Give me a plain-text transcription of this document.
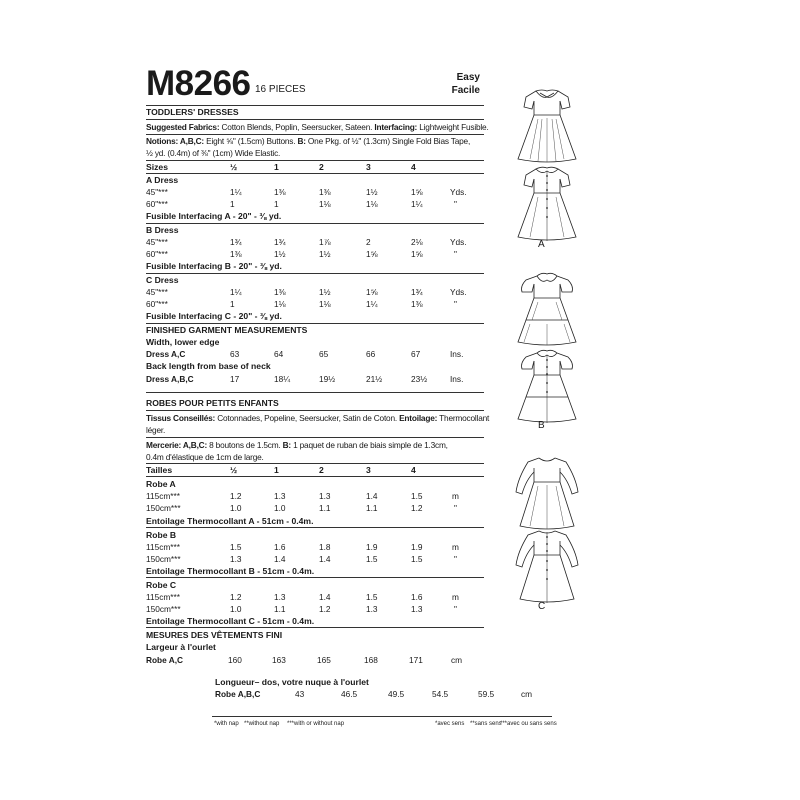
M8266 16 PIECES
Easy
Facile
TODDLERS' DRESSES
Suggested Fabrics: Cotton Blends, Poplin, Seersucker, Sateen. Interfacing: Lightweight Fusible.
Notions: A,B,C: Eight ⅝" (1.5cm) Buttons. B: One Pkg. of ½" (1.3cm) Single Fold Bias Tape,
½ yd. (0.4m) of ⅜" (1cm) Wide Elastic.
Sizes	½	1	2	3	4
A Dress
45"***	1¼	1⅜	1⅜	1½	1⅝	Yds.
60"***	1	1	1⅛	1⅛	1¼	"
Fusible Interfacing A - 20" - ⅜ yd.
B Dress
45"***	1¾	1¾	1⅞	2	2⅛	Yds.
60"***	1⅜	1½	1½	1⅝	1⅝	"
Fusible Interfacing B - 20" - ⅜ yd.
C Dress
45"***	1¼	1⅜	1½	1⅝	1¾	Yds.
60"***	1	1⅛	1⅛	1¼	1⅜	"
Fusible Interfacing C - 20" - ⅜ yd.
FINISHED GARMENT MEASUREMENTS
Width, lower edge
Dress A,C	63	64	65	66	67	Ins.
Back length from base of neck
Dress A,B,C	17	18¼	19½	21½	23½	Ins.
ROBES POUR PETITS ENFANTS
Tissus Conseillés: Cotonnades, Popeline, Seersucker, Satin de Coton. Entoilage: Thermocollant
léger.
Mercerie: A,B,C: 8 boutons de 1.5cm. B: 1 paquet de ruban de biais simple de 1.3cm,
0.4m d'élastique de 1cm de large.
Tailles	½	1	2	3	4
Robe A
115cm***	1.2	1.3	1.3	1.4	1.5	m
150cm***	1.0	1.0	1.1	1.1	1.2	"
Entoilage Thermocollant A - 51cm - 0.4m.
Robe B
115cm***	1.5	1.6	1.8	1.9	1.9	m
150cm***	1.3	1.4	1.4	1.5	1.5	"
Entoilage Thermocollant B - 51cm - 0.4m.
Robe C
115cm***	1.2	1.3	1.4	1.5	1.6	m
150cm***	1.0	1.1	1.2	1.3	1.3	"
Entoilage Thermocollant C - 51cm - 0.4m.
MESURES DES VÊTEMENTS FINI
Largeur à l'ourlet
Robe A,C	160	163	165	168	171	cm
Longueur– dos, votre nuque à l'ourlet
Robe A,B,C	43	46.5	49.5	54.5	59.5	cm
*with nap **without nap ***with or without nap	*avec sens **sans sens
***avec ou sans sens
A
B
C
